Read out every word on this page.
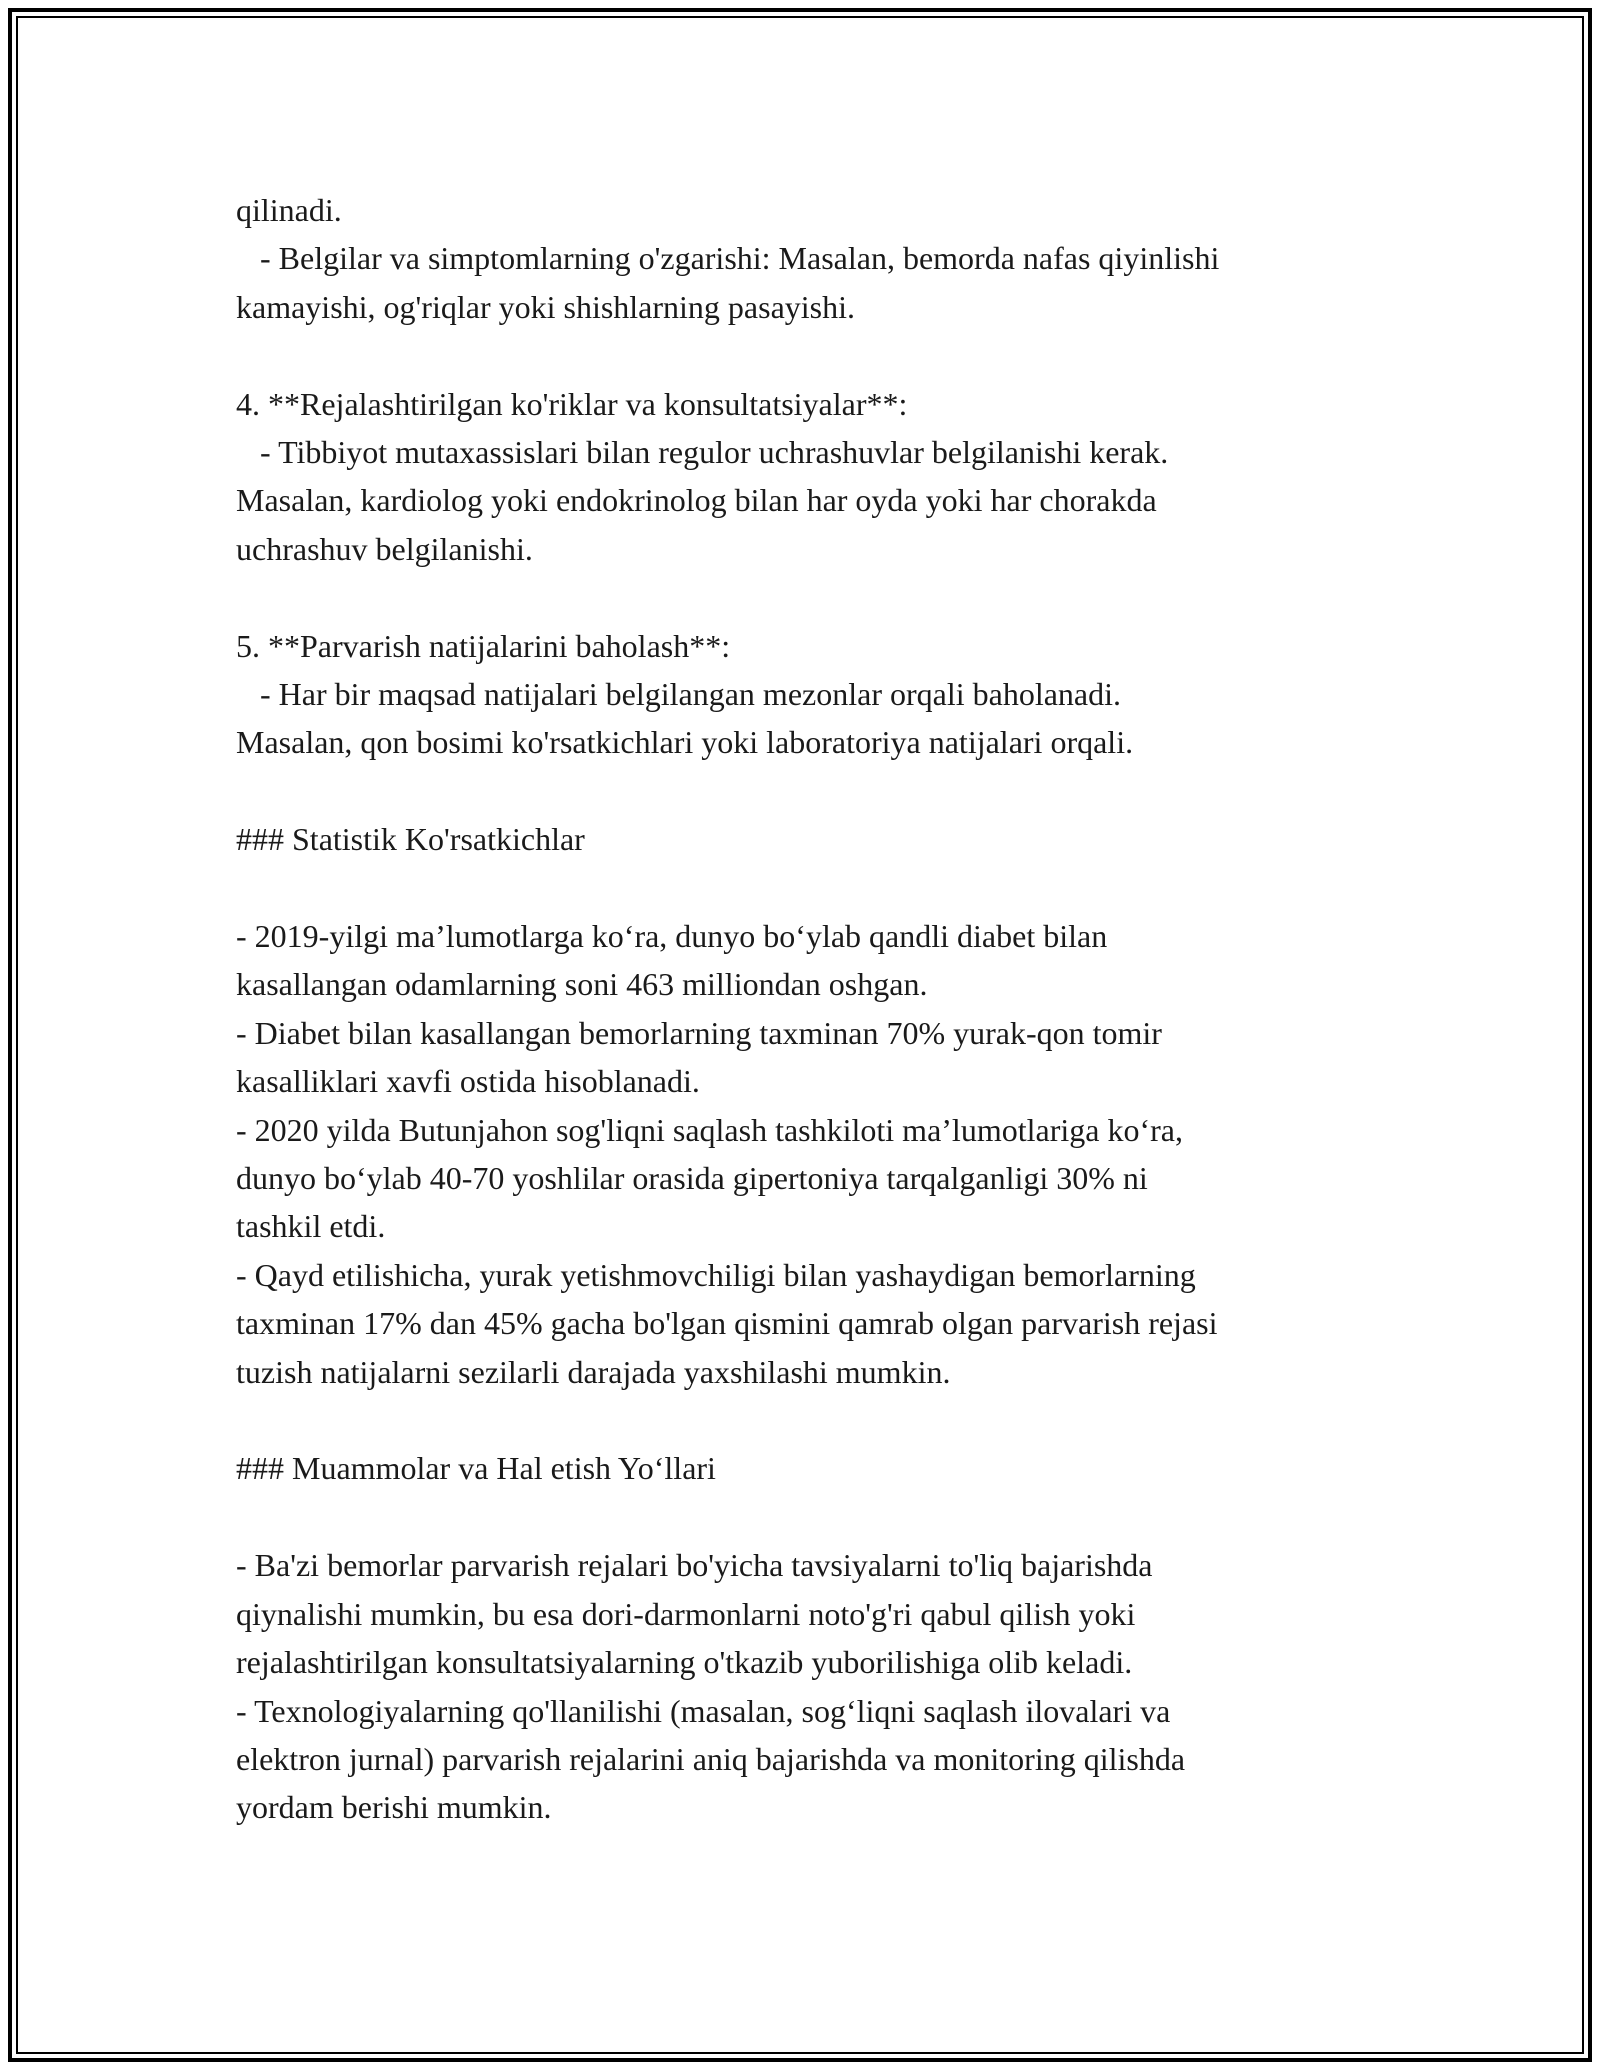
qilinadi.
- Belgilar va simptomlarning o'zgarishi: Masalan, bemorda nafas qiyinlishi
kamayishi, og'riqlar yoki shishlarning pasayishi.
4. **Rejalashtirilgan ko'riklar va konsultatsiyalar**:
- Tibbiyot mutaxassislari bilan regulor uchrashuvlar belgilanishi kerak.
Masalan, kardiolog yoki endokrinolog bilan har oyda yoki har chorakda
uchrashuv belgilanishi.
5. **Parvarish natijalarini baholash**:
- Har bir maqsad natijalari belgilangan mezonlar orqali baholanadi.
Masalan, qon bosimi ko'rsatkichlari yoki laboratoriya natijalari orqali.
### Statistik Ko'rsatkichlar
- 2019-yilgi ma’lumotlarga ko‘ra, dunyo bo‘ylab qandli diabet bilan
kasallangan odamlarning soni 463 milliondan oshgan.
- Diabet bilan kasallangan bemorlarning taxminan 70% yurak-qon tomir
kasalliklari xavfi ostida hisoblanadi.
- 2020 yilda Butunjahon sog'liqni saqlash tashkiloti ma’lumotlariga ko‘ra,
dunyo bo‘ylab 40-70 yoshlilar orasida gipertoniya tarqalganligi 30% ni
tashkil etdi.
- Qayd etilishicha, yurak yetishmovchiligi bilan yashaydigan bemorlarning
taxminan 17% dan 45% gacha bo'lgan qismini qamrab olgan parvarish rejasi
tuzish natijalarni sezilarli darajada yaxshilashi mumkin.
### Muammolar va Hal etish Yo‘llari
- Ba'zi bemorlar parvarish rejalari bo'yicha tavsiyalarni to'liq bajarishda
qiynalishi mumkin, bu esa dori-darmonlarni noto'g'ri qabul qilish yoki
rejalashtirilgan konsultatsiyalarning o'tkazib yuborilishiga olib keladi.
- Texnologiyalarning qo'llanilishi (masalan, sog‘liqni saqlash ilovalari va
elektron jurnal) parvarish rejalarini aniq bajarishda va monitoring qilishda
yordam berishi mumkin.
